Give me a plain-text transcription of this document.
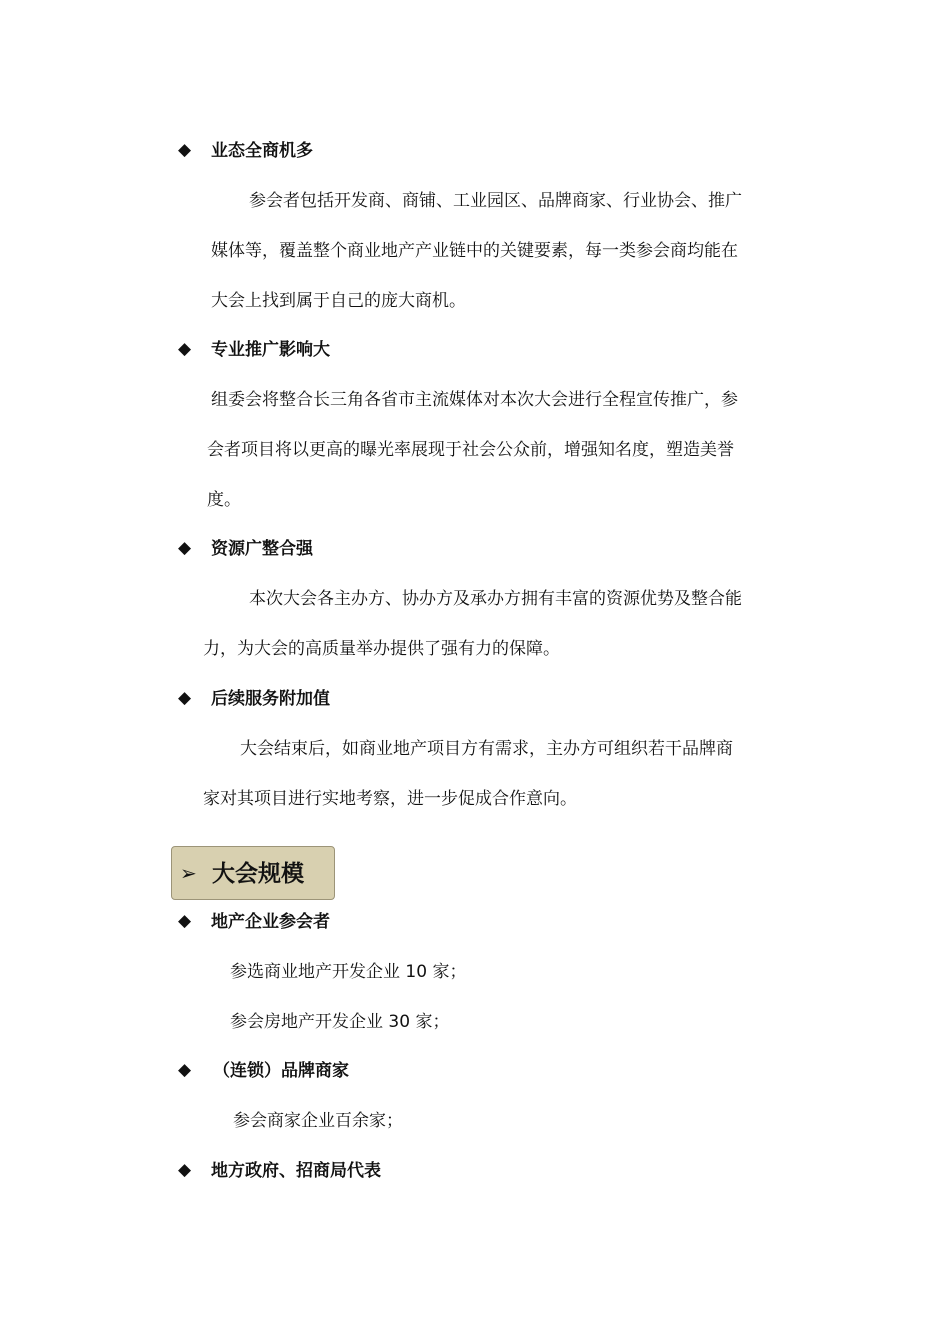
◆ 业态全商机多
参会者包括开发商、商铺、工业园区、品牌商家、行业协会、推广
媒体等，覆盖整个商业地产产业链中的关键要素，每一类参会商均能在
大会上找到属于自己的庞大商机。
◆ 专业推广影响大
组委会将整合长三角各省市主流媒体对本次大会进行全程宣传推广，参
会者项目将以更高的曝光率展现于社会公众前，增强知名度，塑造美誉
度。
◆ 资源广整合强
本次大会各主办方、协办方及承办方拥有丰富的资源优势及整合能
力，为大会的高质量举办提供了强有力的保障。
◆ 后续服务附加值
大会结束后，如商业地产项目方有需求，主办方可组织若干品牌商
家对其项目进行实地考察，进一步促成合作意向。
➢ 大会规模
◆ 地产企业参会者
参选商业地产开发企业 10 家；
参会房地产开发企业 30 家；
◆ （连锁）品牌商家
参会商家企业百余家；
◆ 地方政府、招商局代表
